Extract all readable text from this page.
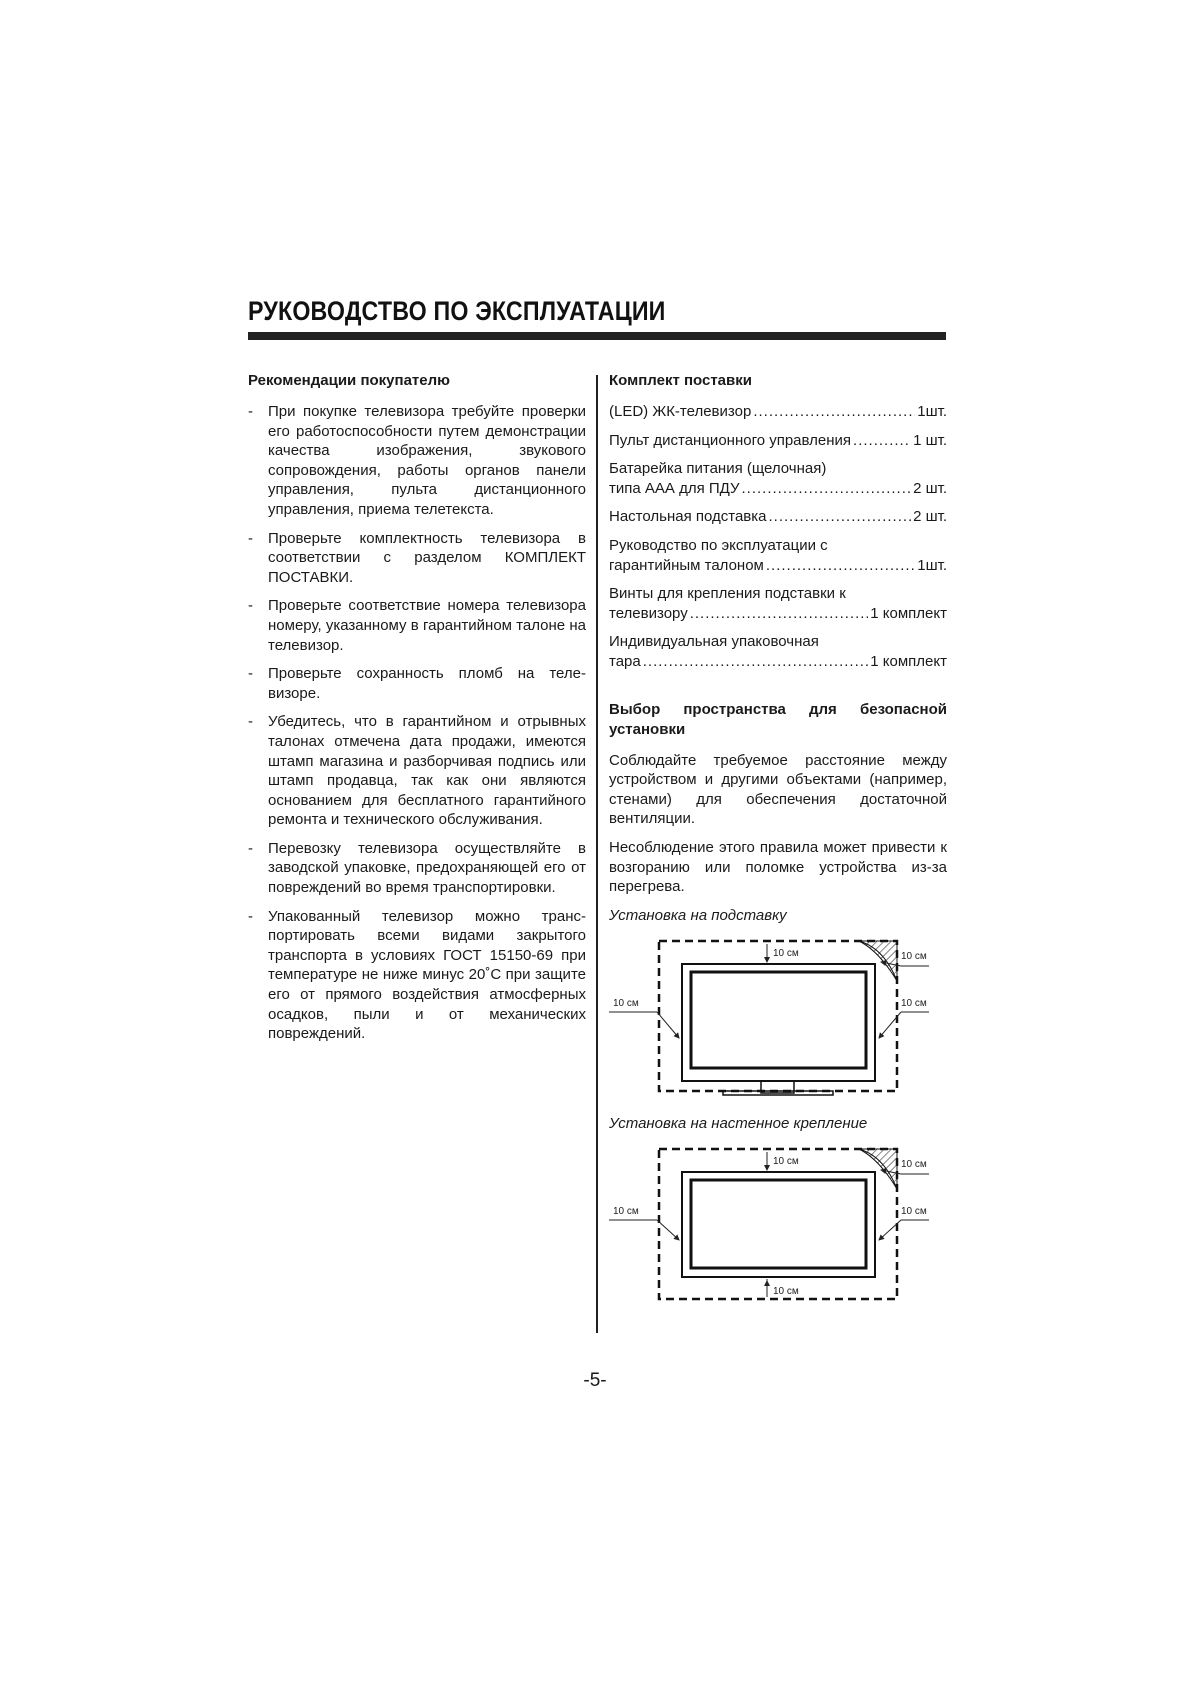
РУКОВОДСТВО ПО ЭКСПЛУАТАЦИИ
Рекомендации покупателю
- При покупке телевизора требуйте проверки его работоспособности путем демонстрации качества изображения, звукового сопровождения, работы органов панели управления, пульта дистанционного управления, приема телетекста.
- Проверьте комплектность телевизора в соответствии с разделом КОМПЛЕКТ ПОСТАВКИ.
- Проверьте соответствие номера телевизора номеру, указанному в гарантийном талоне на телевизор.
- Проверьте сохранность пломб на телевизоре.
- Убедитесь, что в гарантийном и отрывных талонах отмечена дата продажи, имеются штамп магазина и разборчивая подпись или штамп продавца, так как они являются основанием для бесплатного гарантийного ремонта и технического обслуживания.
- Перевозку телевизора осуществляйте в заводской упаковке, предохраняющей его от повреждений во время транспортировки.
- Упакованный телевизор можно транспортировать всеми видами закрытого транспорта в условиях ГОСТ 15150-69 при температуре не ниже минус 20˚С при защите его от прямого воздействия атмосферных осадков, пыли и от механических повреждений.
Комплект поставки
(LED) ЖК-телевизор .....	1шт.
Пульт дистанционного управления .....	1 шт.
Батарейка питания (щелочная)
типа ААА для ПДУ .....	2 шт.
Настольная подставка .....	2 шт.
Руководство по эксплуатации с
гарантийным талоном .....	1шт.
Винты для крепления подставки к
телевизору .....	1 комплект
Индивидуальная упаковочная
тара .....	1 комплект
Выбор пространства для безопасной установки

Соблюдайте требуемое расстояние между устройством и другими объектами (например, стенами) для обеспечения достаточной вентиляции.

Несоблюдение этого правила может привести к возгоранию или поломке устройства из-за перегрева.

Установка на подставку

10 см	10 см
10 см	10 см

Установка на настенное крепление

10 см	10 см
10 см	10 см
10 см
-5-
